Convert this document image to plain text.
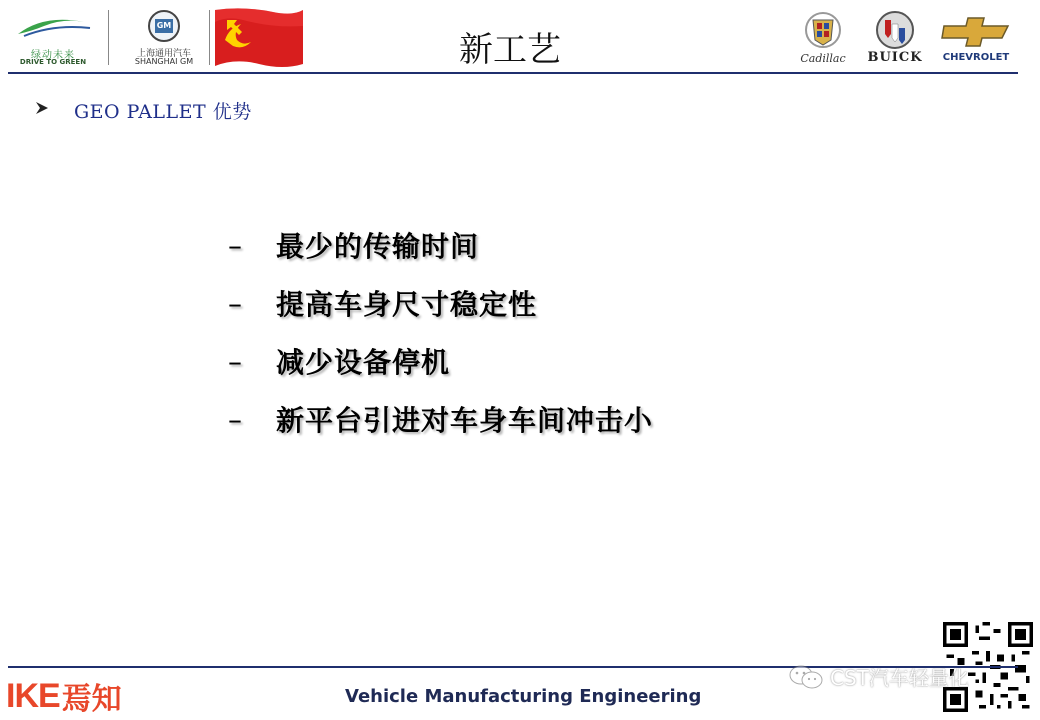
绿动未来
DRIVE TO GREEN
GM
上海通用汽车
SHANGHAI GM	新工艺	Cadillac	BUICK	CHEVROLET
GEO PALLET 优势
–	最少的传输时间
–	提高车身尺寸稳定性
–	减少设备停机
–	新平台引进对车身车间冲击小
IKE 焉知	Vehicle Manufacturing Engineering
CST汽车轻量化
